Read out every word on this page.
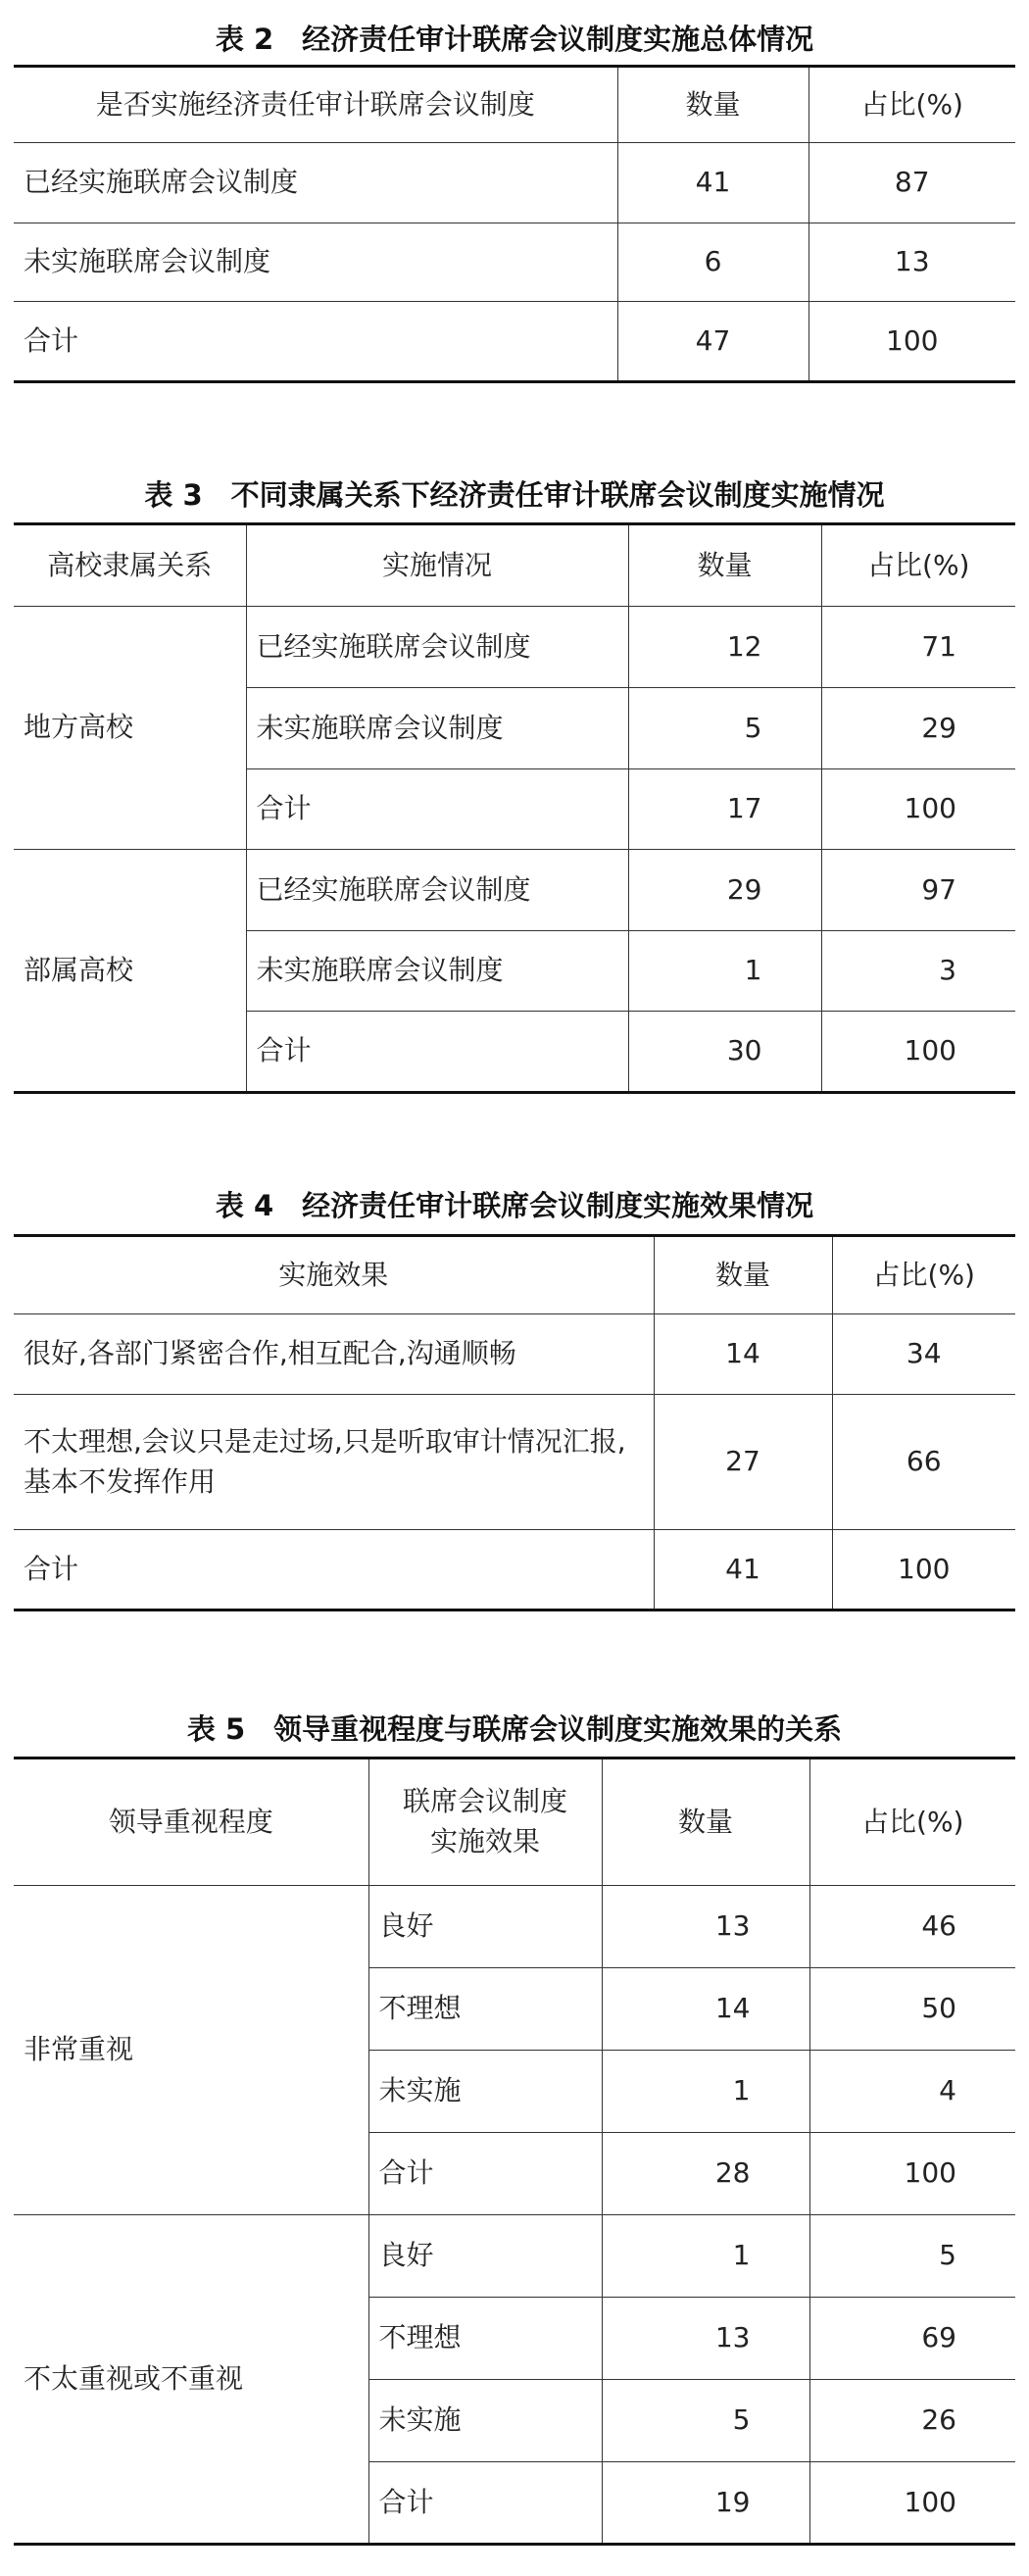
表 2　经济责任审计联席会议制度实施总体情况
是否实施经济责任审计联席会议制度	数量	占比(%)
已经实施联席会议制度	41	87
未实施联席会议制度	6	13
合计	47	100
表 3　不同隶属关系下经济责任审计联席会议制度实施情况
高校隶属关系	实施情况	数量	占比(%)
地方高校	已经实施联席会议制度	12	71
	未实施联席会议制度	5	29
	合计	17	100
部属高校	已经实施联席会议制度	29	97
	未实施联席会议制度	1	3
	合计	30	100
表 4　经济责任审计联席会议制度实施效果情况
实施效果	数量	占比(%)
很好,各部门紧密合作,相互配合,沟通顺畅	14	34
不太理想,会议只是走过场,只是听取审计情况汇报,基本不发挥作用	27	66
合计	41	100
表 5　领导重视程度与联席会议制度实施效果的关系
领导重视程度	联席会议制度实施效果	数量	占比(%)
非常重视	良好	13	46
	不理想	14	50
	未实施	1	4
	合计	28	100
不太重视或不重视	良好	1	5
	不理想	13	69
	未实施	5	26
	合计	19	100
